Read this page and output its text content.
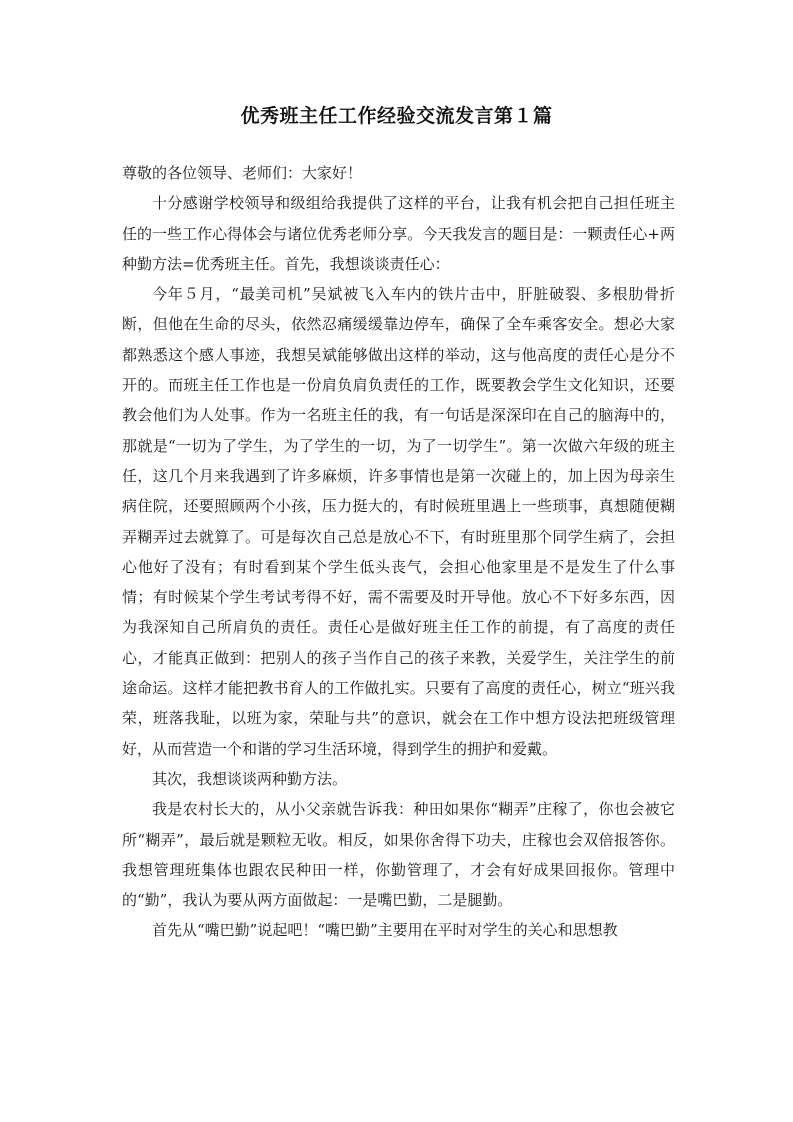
优秀班主任工作经验交流发言第１篇

尊敬的各位领导、老师们：大家好！

十分感谢学校领导和级组给我提供了这样的平台，让我有机会把自己担任班主任的一些工作心得体会与诸位优秀老师分享。今天我发言的题目是：一颗责任心+两种勤方法=优秀班主任。首先，我想谈谈责任心：

今年５月，“最美司机”吴斌被飞入车内的铁片击中，肝脏破裂、多根肋骨折断，但他在生命的尽头，依然忍痛缓缓靠边停车，确保了全车乘客安全。想必大家都熟悉这个感人事迹，我想吴斌能够做出这样的举动，这与他高度的责任心是分不开的。而班主任工作也是一份肩负肩负责任的工作，既要教会学生文化知识，还要教会他们为人处事。作为一名班主任的我，有一句话是深深印在自己的脑海中的，那就是“一切为了学生，为了学生的一切，为了一切学生”。第一次做六年级的班主任，这几个月来我遇到了许多麻烦，许多事情也是第一次碰上的，加上因为母亲生病住院，还要照顾两个小孩，压力挺大的，有时候班里遇上一些琐事，真想随便糊弄糊弄过去就算了。可是每次自己总是放心不下，有时班里那个同学生病了，会担心他好了没有；有时看到某个学生低头丧气，会担心他家里是不是发生了什么事情；有时候某个学生考试考得不好，需不需要及时开导他。放心不下好多东西，因为我深知自己所肩负的责任。责任心是做好班主任工作的前提，有了高度的责任心，才能真正做到：把别人的孩子当作自己的孩子来教，关爱学生，关注学生的前途命运。这样才能把教书育人的工作做扎实。只要有了高度的责任心，树立“班兴我荣，班落我耻，以班为家，荣耻与共”的意识，就会在工作中想方设法把班级管理好，从而营造一个和谐的学习生活环境，得到学生的拥护和爱戴。

其次，我想谈谈两种勤方法。

我是农村长大的，从小父亲就告诉我：种田如果你“糊弄”庄稼了，你也会被它所“糊弄”，最后就是颗粒无收。相反，如果你舍得下功夫，庄稼也会双倍报答你。我想管理班集体也跟农民种田一样，你勤管理了，才会有好成果回报你。管理中的“勤”，我认为要从两方面做起：一是嘴巴勤，二是腿勤。

首先从“嘴巴勤”说起吧！“嘴巴勤”主要用在平时对学生的关心和思想教
